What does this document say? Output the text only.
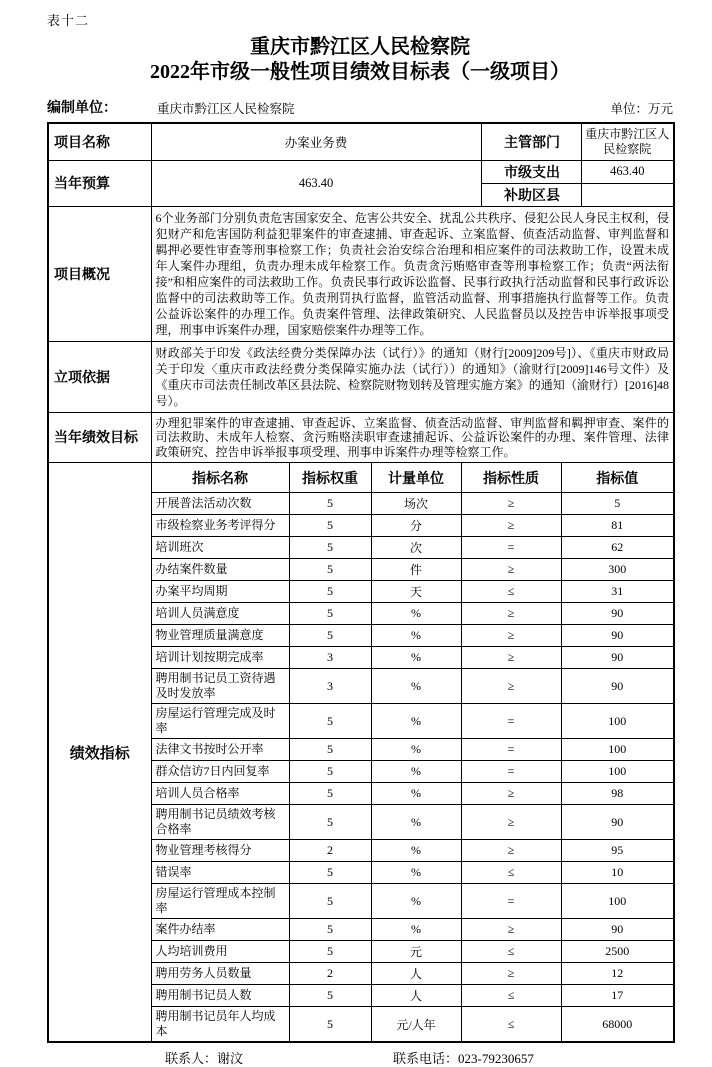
表十二
重庆市黔江区人民检察院
2022年市级一般性项目绩效目标表（一级项目）
编制单位：	重庆市黔江区人民检察院	单位：万元
项目名称	办案业务费				主管部门		重庆市黔江区人民检察院
当年预算	463.40				市级支出		463.40
					补助区县		
项目概况	6个业务部门分别负责危害国家安全、危害公共安全、扰乱公共秩序、侵犯公民人身民主权利，侵犯财产和危害国防利益犯罪案件的审查逮捕、审查起诉、立案监督、侦查活动监督、审判监督和羁押必要性审查等刑事检察工作；负责社会治安综合治理和相应案件的司法救助工作，设置未成年人案件办理组，负责办理未成年检察工作。负责贪污贿赂审查等刑事检察工作；负责“两法衔接”和相应案件的司法救助工作。负责民事行政诉讼监督、民事行政执行活动监督和民事行政诉讼监督中的司法救助等工作。负责刑罚执行监督，监管活动监督、刑事措施执行监督等工作。负责公益诉讼案件的办理工作。负责案件管理、法律政策研究、人民监督员以及控告申诉举报事项受理，刑事申诉案件办理，国家赔偿案件办理等工作。						
立项依据	财政部关于印发《政法经费分类保障办法（试行）》的通知（财行[2009]209号]）、《重庆市财政局关于印发〈重庆市政法经费分类保障实施办法（试行））的通知》（渝财行[2009]146号文件）及《重庆市司法责任制改革区县法院、检察院财物划转及管理实施方案》的通知（渝财行）[2016]48号）。						
当年绩效目标	办理犯罪案件的审查逮捕、审查起诉、立案监督、侦查活动监督、审判监督和羁押审查、案件的司法救助、未成年人检察、贪污贿赂渎职审查逮捕起诉、公益诉讼案件的办理、案件管理、法律政策研究、控告申诉举报事项受理、刑事申诉案件办理等检察工作。						
绩效指标	指标名称	指标权重	计量单位	指标性质		指标值	
	开展普法活动次数	5	场次	≥		5	
	市级检察业务考评得分	5	分	≥		81	
	培训班次	5	次	=		62	
	办结案件数量	5	件	≥		300	
	办案平均周期	5	天	≤		31	
	培训人员满意度	5	%	≥		90	
	物业管理质量满意度	5	%	≥		90	
	培训计划按期完成率	3	%	≥		90	
	聘用制书记员工资待遇及时发放率	3	%	≥		90	
	房屋运行管理完成及时率	5	%	=		100	
	法律文书按时公开率	5	%	=		100	
	群众信访7日内回复率	5	%	=		100	
	培训人员合格率	5	%	≥		98	
	聘用制书记员绩效考核合格率	5	%	≥		90	
	物业管理考核得分	2	%	≥		95	
	错误率	5	%	≤		10	
	房屋运行管理成本控制率	5	%	=		100	
	案件办结率	5	%	≥		90	
	人均培训费用	5	元	≤		2500	
	聘用劳务人员数量	2	人	≥		12	
	聘用制书记员人数	5	人	≤		17	
	聘用制书记员年人均成本	5	元/人年	≤		68000	
联系人：谢汶	联系电话：023-79230657
